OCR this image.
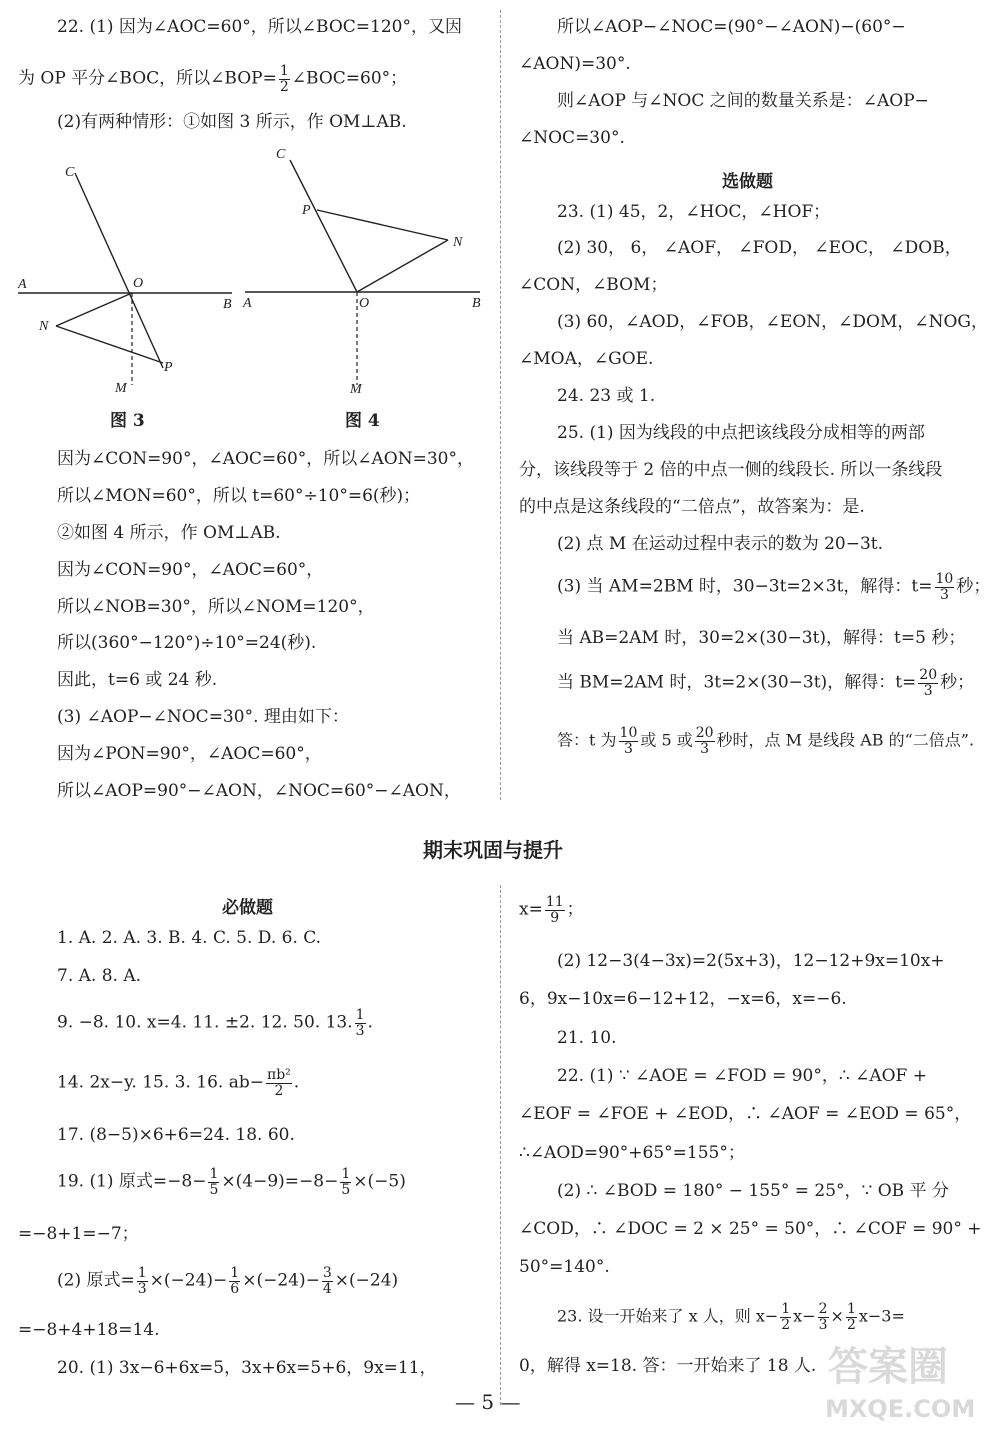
22. (1) 因为∠AOC=60°，所以∠BOC=120°，又因
为 OP 平分∠BOC，所以∠BOP= $\frac{1}{2}$ ∠BOC=60°；
(2)有两种情形：①如图 3 所示，作 OM⊥AB.
C
A	O
B
N
P
M
图 3
C
P
N
A	O	B
M
图 4
因为∠CON=90°，∠AOC=60°，所以∠AON=30°，
所以∠MON=60°，所以 t=60°÷10°=6(秒)；
②如图 4 所示，作 OM⊥AB.
因为∠CON=90°，∠AOC=60°，
所以∠NOB=30°，所以∠NOM=120°，
所以(360°−120°)÷10°=24(秒).
因此，t=6 或 24 秒.
(3) ∠AOP−∠NOC=30°. 理由如下：
因为∠PON=90°，∠AOC=60°，
所以∠AOP=90°−∠AON，∠NOC=60°−∠AON，
所以∠AOP−∠NOC=(90°−∠AON)−(60°−
∠AON)=30°.
则∠AOP 与∠NOC 之间的数量关系是：∠AOP−
∠NOC=30°.
选做题
23. (1) 45，2，∠HOC，∠HOF；
(2) 30， 6， ∠AOF， ∠FOD， ∠EOC， ∠DOB，
∠CON，∠BOM；
(3) 60，∠AOD，∠FOB，∠EON，∠DOM，∠NOG，
∠MOA，∠GOE.
24. 23 或 1.
25. (1) 因为线段的中点把该线段分成相等的两部
分，该线段等于 2 倍的中点一侧的线段长. 所以一条线段
的中点是这条线段的“二倍点”，故答案为：是.
(2) 点 M 在运动过程中表示的数为 20−3t.
(3) 当 AM=2BM 时，30−3t=2×3t，解得：$t= \frac{10}{3}$ 秒；
当 AB=2AM 时，30=2×(30−3t)，解得：t=5 秒；
当 BM=2AM 时，3t=2×(30−3t)，解得：$t= \frac{20}{3}$ 秒；
答：t 为 $\frac{10}{3}$ 或 5 或 $\frac{20}{3}$ 秒时，点 M 是线段 AB 的“二倍点”.
期末巩固与提升
必做题
1. A. 2. A. 3. B. 4. C. 5. D. 6. C.
7. A. 8. A.
9. −8. 10. x=4. 11. ±2. 12. 50. 13. $\frac{1}{3}$ .
14. 2x−y. 15. 3. 16. $ab- \frac{\text{πb²}}{2}$ .
17. (8−5)×6+6=24. 18. 60.
19. (1) 原式$=-8- \frac{1}{5} \times(4-9)=-8- \frac{1}{5} \times(-5)$
=−8+1=−7；
(2) 原式= $\frac{1}{3} \times(-24)- \frac{1}{6} \times(-24)- \frac{3}{4} \times(-24)$
=−8+4+18=14.
20. (1) 3x−6+6x=5，3x+6x=5+6，9x=11，
$x= \frac{11}{9}$ ；
(2) 12−3(4−3x)=2(5x+3)，12−12+9x=10x+
6，9x−10x=6−12+12，−x=6，x=−6.
21. 10.
22. (1) ∵ ∠AOE = ∠FOD = 90°，∴ ∠AOF +
∠EOF = ∠FOE + ∠EOD，∴ ∠AOF = ∠EOD = 65°，
∴∠AOD=90°+65°=155°；
(2) ∴ ∠BOD = 180° − 155° = 25°，∵ OB 平 分
∠COD，∴ ∠DOC = 2 × 25° = 50°，∴ ∠COF = 90° +
50°=140°.
23. 设一开始来了 x 人，则 $x- \frac{1}{2} x- \frac{2}{3} \times \frac{1}{2} x-3=$
0，解得 x=18. 答：一开始来了 18 人. 答案圈
MXQE.COM
— 5 —
